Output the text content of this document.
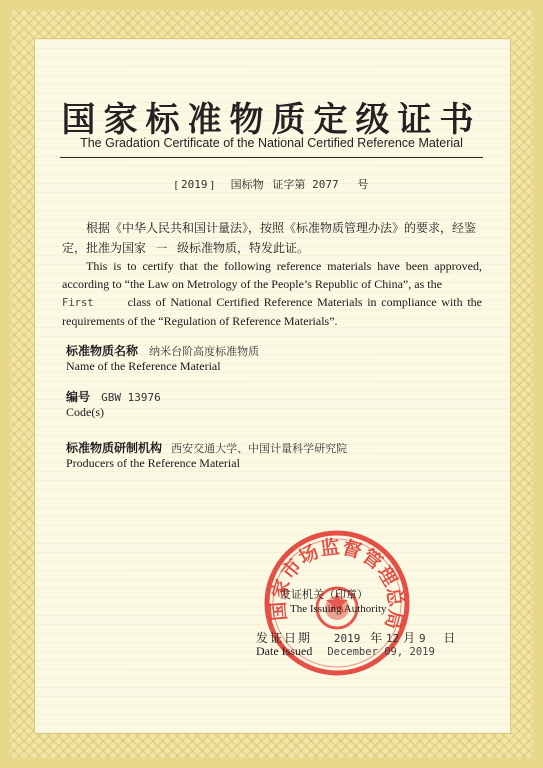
国家标准物质定级证书
The Gradation Certificate of the National Certified Reference Material
[ 2019 ] 国标物 证字第 2077 号
根据《中华人民共和国计量法》，按照《标准物质管理办法》的要求，经鉴定，批准为国家 一 级标准物质，特发此证。
This is to certify that the following reference materials have been approved, according to “the Law on Metrology of the People’s Republic of China”, as the
First	class of National Certified Reference Materials in compliance with the requirements of the “Regulation of Reference Materials”.
标准物质名称 纳米台阶高度标准物质
Name of the Reference Material
编号 GBW 13976
Code(s)
标准物质研制机构 西安交通大学、中国计量科学研究院
Producers of the Reference Material
国家市场监督管理总局
发证机关（印章）
The Issuing Authority
发证日期 2019 年 12 月 9 日
Date Issued December 09, 2019
